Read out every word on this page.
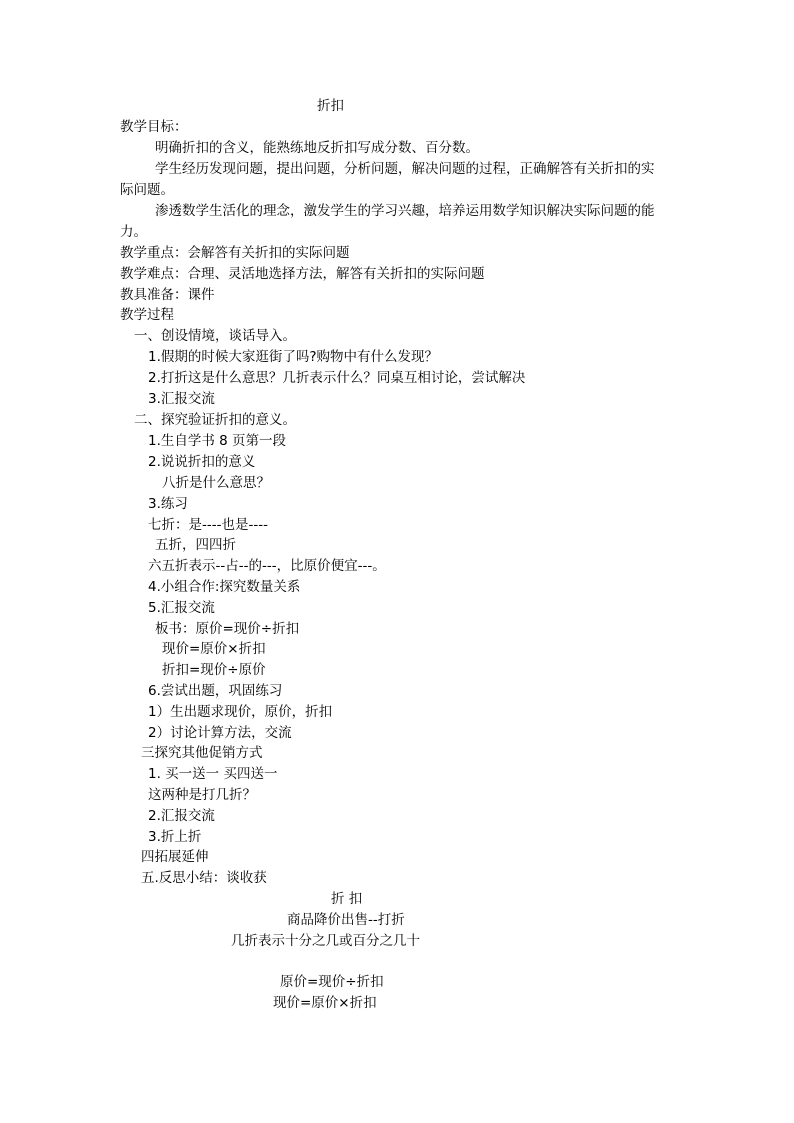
折扣
教学目标：
明确折扣的含义，能熟练地反折扣写成分数、百分数。
学生经历发现问题，提出问题，分析问题，解决问题的过程，正确解答有关折扣的实
际问题。
渗透数学生活化的理念，激发学生的学习兴趣，培养运用数学知识解决实际问题的能
力。
教学重点：会解答有关折扣的实际问题
教学难点：合理、灵活地选择方法，解答有关折扣的实际问题
教具准备：课件
教学过程
一、创设情境，谈话导入。
1.假期的时候大家逛街了吗?购物中有什么发现？
2.打折这是什么意思？几折表示什么？同桌互相讨论，尝试解决
3.汇报交流
二、探究验证折扣的意义。
1.生自学书 8 页第一段
2.说说折扣的意义
八折是什么意思？
3.练习
七折：是----也是----
五折，四四折
六五折表示--占--的---，比原价便宜---。
4.小组合作:探究数量关系
5.汇报交流
板书：原价=现价÷折扣
现价=原价×折扣
折扣=现价÷原价
6.尝试出题，巩固练习
1）生出题求现价，原价，折扣
2）讨论计算方法，交流
三探究其他促销方式
1. 买一送一 买四送一
这两种是打几折？
2.汇报交流
3.折上折
四拓展延伸
五.反思小结：谈收获
折 扣
商品降价出售--打折
几折表示十分之几或百分之几十
原价=现价÷折扣
现价=原价×折扣
